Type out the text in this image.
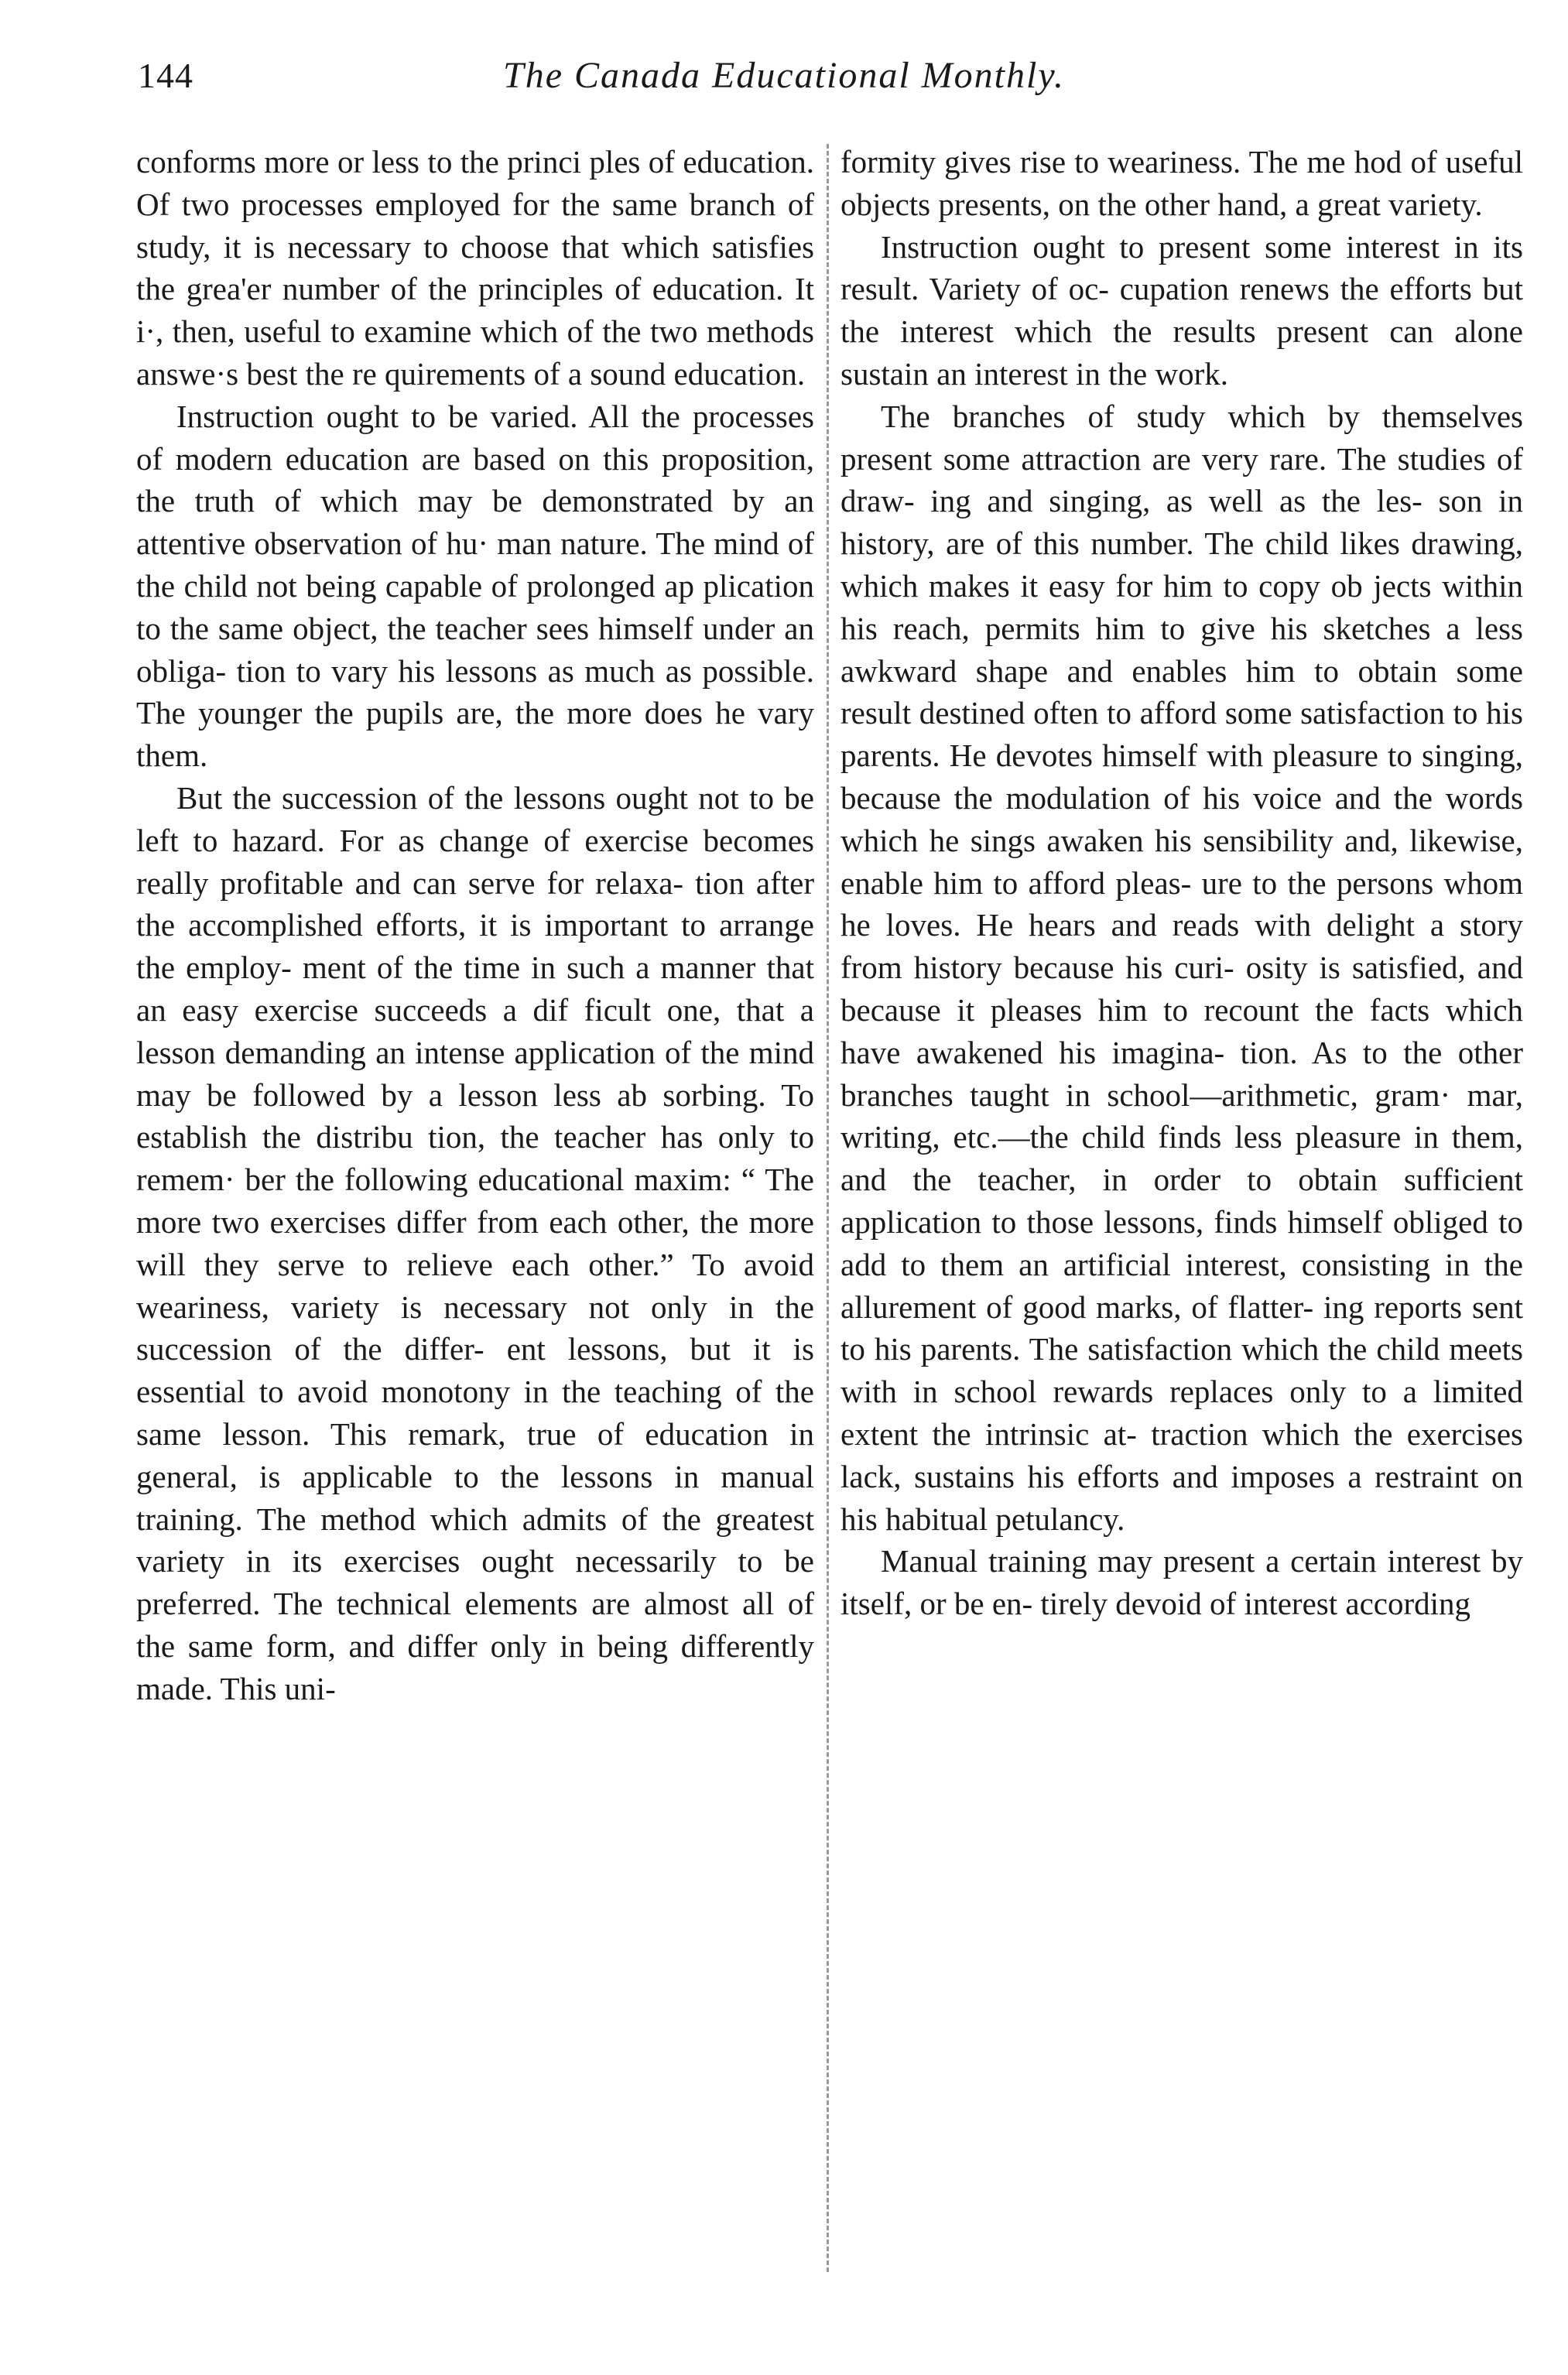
144	The Canada Educational Monthly.

conforms more or less to the princi ples of education. Of two processes employed for the same branch of study, it is necessary to choose that which satisfies the grea'er number of the principles of education. It i·, then, useful to examine which of the two methods answe·s best the re quirements of a sound education.

Instruction ought to be varied. All the processes of modern education are based on this proposition, the truth of which may be demonstrated by an attentive observation of hu· man nature. The mind of the child not being capable of prolonged ap plication to the same object, the teacher sees himself under an obliga- tion to vary his lessons as much as possible. The younger the pupils are, the more does he vary them.

But the succession of the lessons ought not to be left to hazard. For as change of exercise becomes really profitable and can serve for relaxa- tion after the accomplished efforts, it is important to arrange the employ- ment of the time in such a manner that an easy exercise succeeds a dif ficult one, that a lesson demanding an intense application of the mind may be followed by a lesson less ab sorbing. To establish the distribu tion, the teacher has only to remem· ber the following educational maxim: “ The more two exercises differ from each other, the more will they serve to relieve each other.” To avoid weariness, variety is necessary not only in the succession of the differ- ent lessons, but it is essential to avoid monotony in the teaching of the same lesson. This remark, true of education in general, is applicable to the lessons in manual training. The method which admits of the greatest variety in its exercises ought necessarily to be preferred. The technical elements are almost all of the same form, and differ only in being differently made. This uni-

formity gives rise to weariness. The me hod of useful objects presents, on the other hand, a great variety.

Instruction ought to present some interest in its result. Variety of oc- cupation renews the efforts but the interest which the results present can alone sustain an interest in the work.

The branches of study which by themselves present some attraction are very rare. The studies of draw- ing and singing, as well as the les- son in history, are of this number. The child likes drawing, which makes it easy for him to copy ob jects within his reach, permits him to give his sketches a less awkward shape and enables him to obtain some result destined often to afford some satisfaction to his parents. He devotes himself with pleasure to singing, because the modulation of his voice and the words which he sings awaken his sensibility and, likewise, enable him to afford pleas- ure to the persons whom he loves. He hears and reads with delight a story from history because his curi- osity is satisfied, and because it pleases him to recount the facts which have awakened his imagina- tion. As to the other branches taught in school—arithmetic, gram· mar, writing, etc.—the child finds less pleasure in them, and the teacher, in order to obtain sufficient application to those lessons, finds himself obliged to add to them an artificial interest, consisting in the allurement of good marks, of flatter- ing reports sent to his parents. The satisfaction which the child meets with in school rewards replaces only to a limited extent the intrinsic at- traction which the exercises lack, sustains his efforts and imposes a restraint on his habitual petulancy.

Manual training may present a certain interest by itself, or be en- tirely devoid of interest according
